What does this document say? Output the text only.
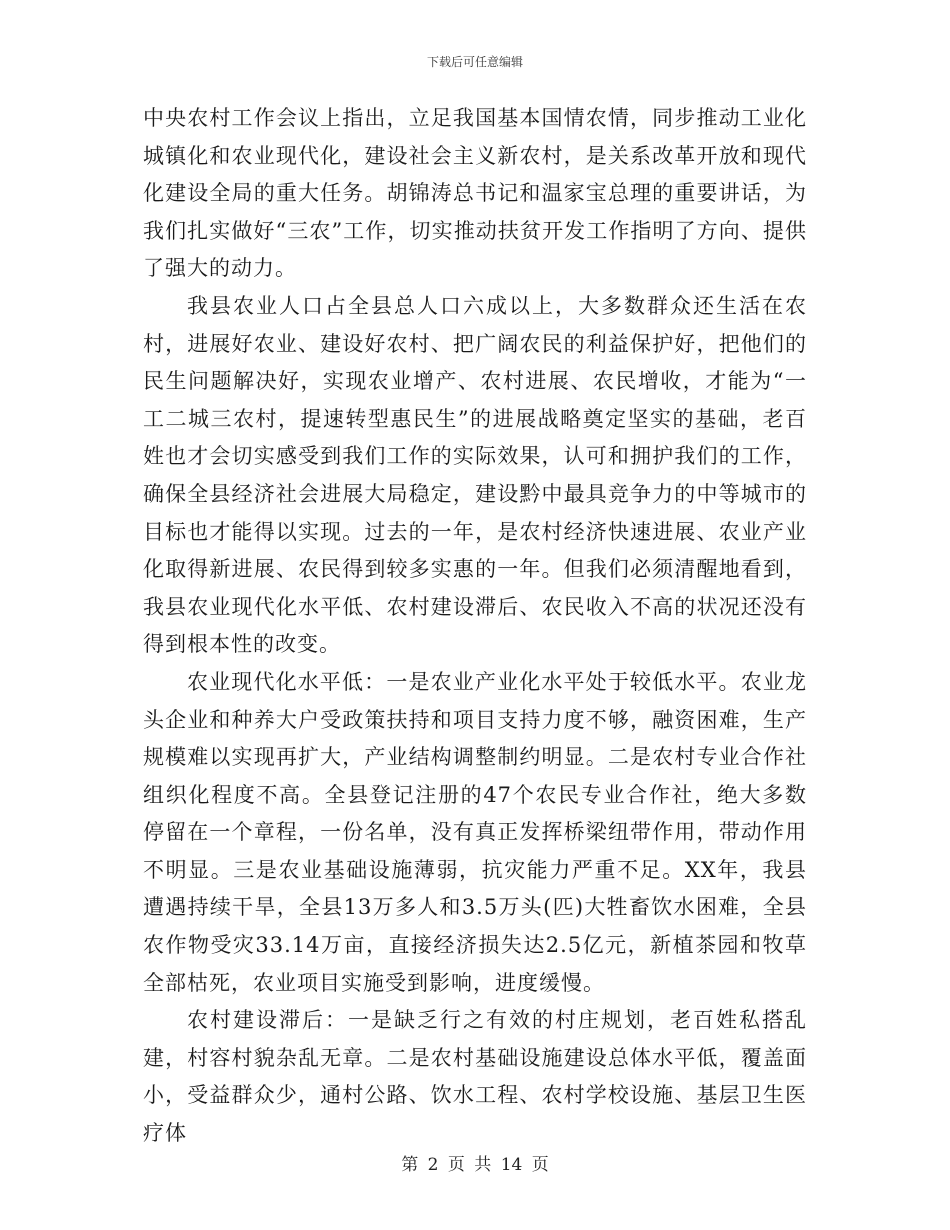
下载后可任意编辑

中央农村工作会议上指出，立足我国基本国情农情，同步推动工业化城镇化和农业现代化，建设社会主义新农村，是关系改革开放和现代化建设全局的重大任务。胡锦涛总书记和温家宝总理的重要讲话，为我们扎实做好“三农”工作，切实推动扶贫开发工作指明了方向、提供了强大的动力。

我县农业人口占全县总人口六成以上，大多数群众还生活在农村，进展好农业、建设好农村、把广阔农民的利益保护好，把他们的民生问题解决好，实现农业增产、农村进展、农民增收，才能为“一工二城三农村，提速转型惠民生”的进展战略奠定坚实的基础，老百姓也才会切实感受到我们工作的实际效果，认可和拥护我们的工作，确保全县经济社会进展大局稳定，建设黔中最具竞争力的中等城市的目标也才能得以实现。过去的一年，是农村经济快速进展、农业产业化取得新进展、农民得到较多实惠的一年。但我们必须清醒地看到，我县农业现代化水平低、农村建设滞后、农民收入不高的状况还没有得到根本性的改变。

农业现代化水平低：一是农业产业化水平处于较低水平。农业龙头企业和种养大户受政策扶持和项目支持力度不够，融资困难，生产规模难以实现再扩大，产业结构调整制约明显。二是农村专业合作社组织化程度不高。全县登记注册的47个农民专业合作社，绝大多数停留在一个章程，一份名单，没有真正发挥桥梁纽带作用，带动作用不明显。三是农业基础设施薄弱，抗灾能力严重不足。XX年，我县遭遇持续干旱，全县13万多人和3.5万头(匹)大牲畜饮水困难，全县农作物受灾33.14万亩，直接经济损失达2.5亿元，新植茶园和牧草全部枯死，农业项目实施受到影响，进度缓慢。

农村建设滞后：一是缺乏行之有效的村庄规划，老百姓私搭乱建，村容村貌杂乱无章。二是农村基础设施建设总体水平低，覆盖面小，受益群众少，通村公路、饮水工程、农村学校设施、基层卫生医疗体

第 2 页 共 14 页
